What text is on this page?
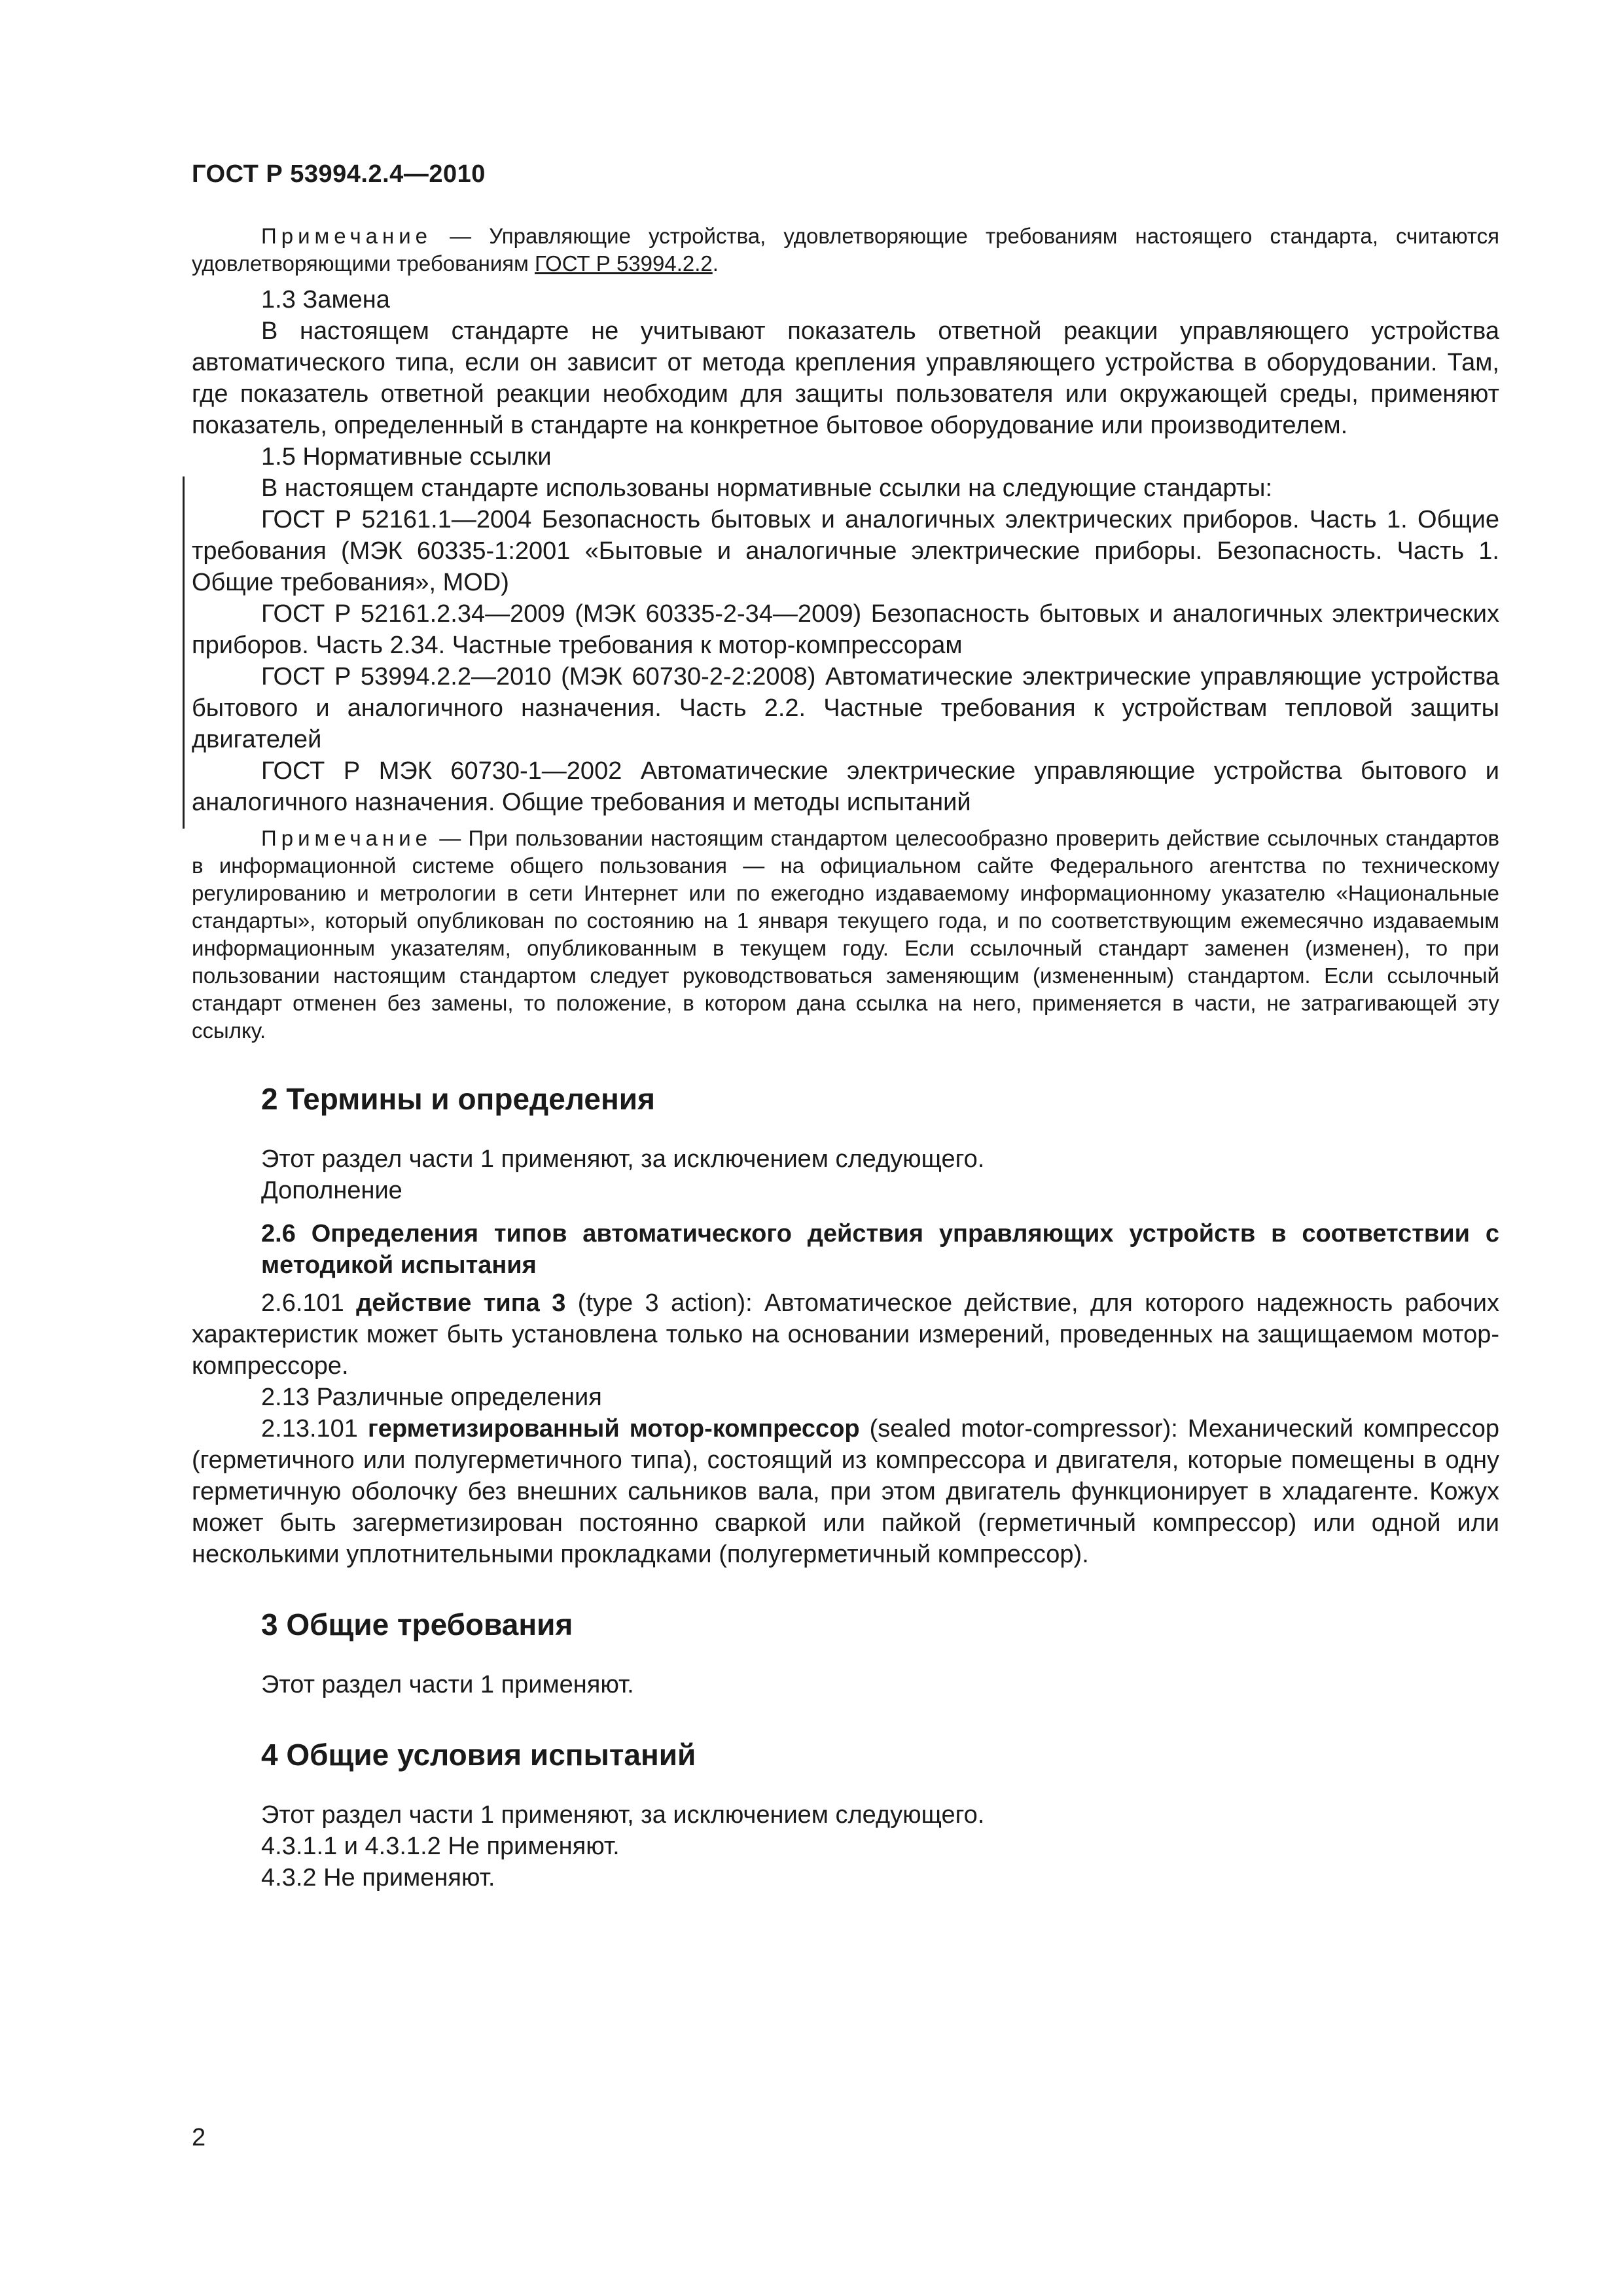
ГОСТ Р 53994.2.4—2010

Примечание — Управляющие устройства, удовлетворяющие требованиям настоящего стандарта, считаются удовлетворяющими требованиям ГОСТ Р 53994.2.2.

1.3 Замена

В настоящем стандарте не учитывают показатель ответной реакции управляющего устройства автоматического типа, если он зависит от метода крепления управляющего устройства в оборудовании. Там, где показатель ответной реакции необходим для защиты пользователя или окружающей среды, применяют показатель, определенный в стандарте на конкретное бытовое оборудование или производителем.

1.5 Нормативные ссылки

В настоящем стандарте использованы нормативные ссылки на следующие стандарты:

ГОСТ Р 52161.1—2004 Безопасность бытовых и аналогичных электрических приборов. Часть 1. Общие требования (МЭК 60335-1:2001 «Бытовые и аналогичные электрические приборы. Безопасность. Часть 1. Общие требования», MOD)

ГОСТ Р 52161.2.34—2009 (МЭК 60335-2-34—2009) Безопасность бытовых и аналогичных электрических приборов. Часть 2.34. Частные требования к мотор-компрессорам

ГОСТ Р 53994.2.2—2010 (МЭК 60730-2-2:2008) Автоматические электрические управляющие устройства бытового и аналогичного назначения. Часть 2.2. Частные требования к устройствам тепловой защиты двигателей

ГОСТ Р МЭК 60730-1—2002 Автоматические электрические управляющие устройства бытового и аналогичного назначения. Общие требования и методы испытаний

Примечание — При пользовании настоящим стандартом целесообразно проверить действие ссылочных стандартов в информационной системе общего пользования — на официальном сайте Федерального агентства по техническому регулированию и метрологии в сети Интернет или по ежегодно издаваемому информационному указателю «Национальные стандарты», который опубликован по состоянию на 1 января текущего года, и по соответствующим ежемесячно издаваемым информационным указателям, опубликованным в текущем году. Если ссылочный стандарт заменен (изменен), то при пользовании настоящим стандартом следует руководствоваться заменяющим (измененным) стандартом. Если ссылочный стандарт отменен без замены, то положение, в котором дана ссылка на него, применяется в части, не затрагивающей эту ссылку.

2 Термины и определения

Этот раздел части 1 применяют, за исключением следующего.

Дополнение

2.6 Определения типов автоматического действия управляющих устройств в соответствии с методикой испытания

2.6.101 действие типа 3 (type 3 action): Автоматическое действие, для которого надежность рабочих характеристик может быть установлена только на основании измерений, проведенных на защищаемом мотор-компрессоре.

2.13 Различные определения

2.13.101 герметизированный мотор-компрессор (sealed motor-compressor): Механический компрессор (герметичного или полугерметичного типа), состоящий из компрессора и двигателя, которые помещены в одну герметичную оболочку без внешних сальников вала, при этом двигатель функционирует в хладагенте. Кожух может быть загерметизирован постоянно сваркой или пайкой (герметичный компрессор) или одной или несколькими уплотнительными прокладками (полугерметичный компрессор).

3 Общие требования

Этот раздел части 1 применяют.

4 Общие условия испытаний

Этот раздел части 1 применяют, за исключением следующего.

4.3.1.1 и 4.3.1.2 Не применяют.

4.3.2 Не применяют.

2
